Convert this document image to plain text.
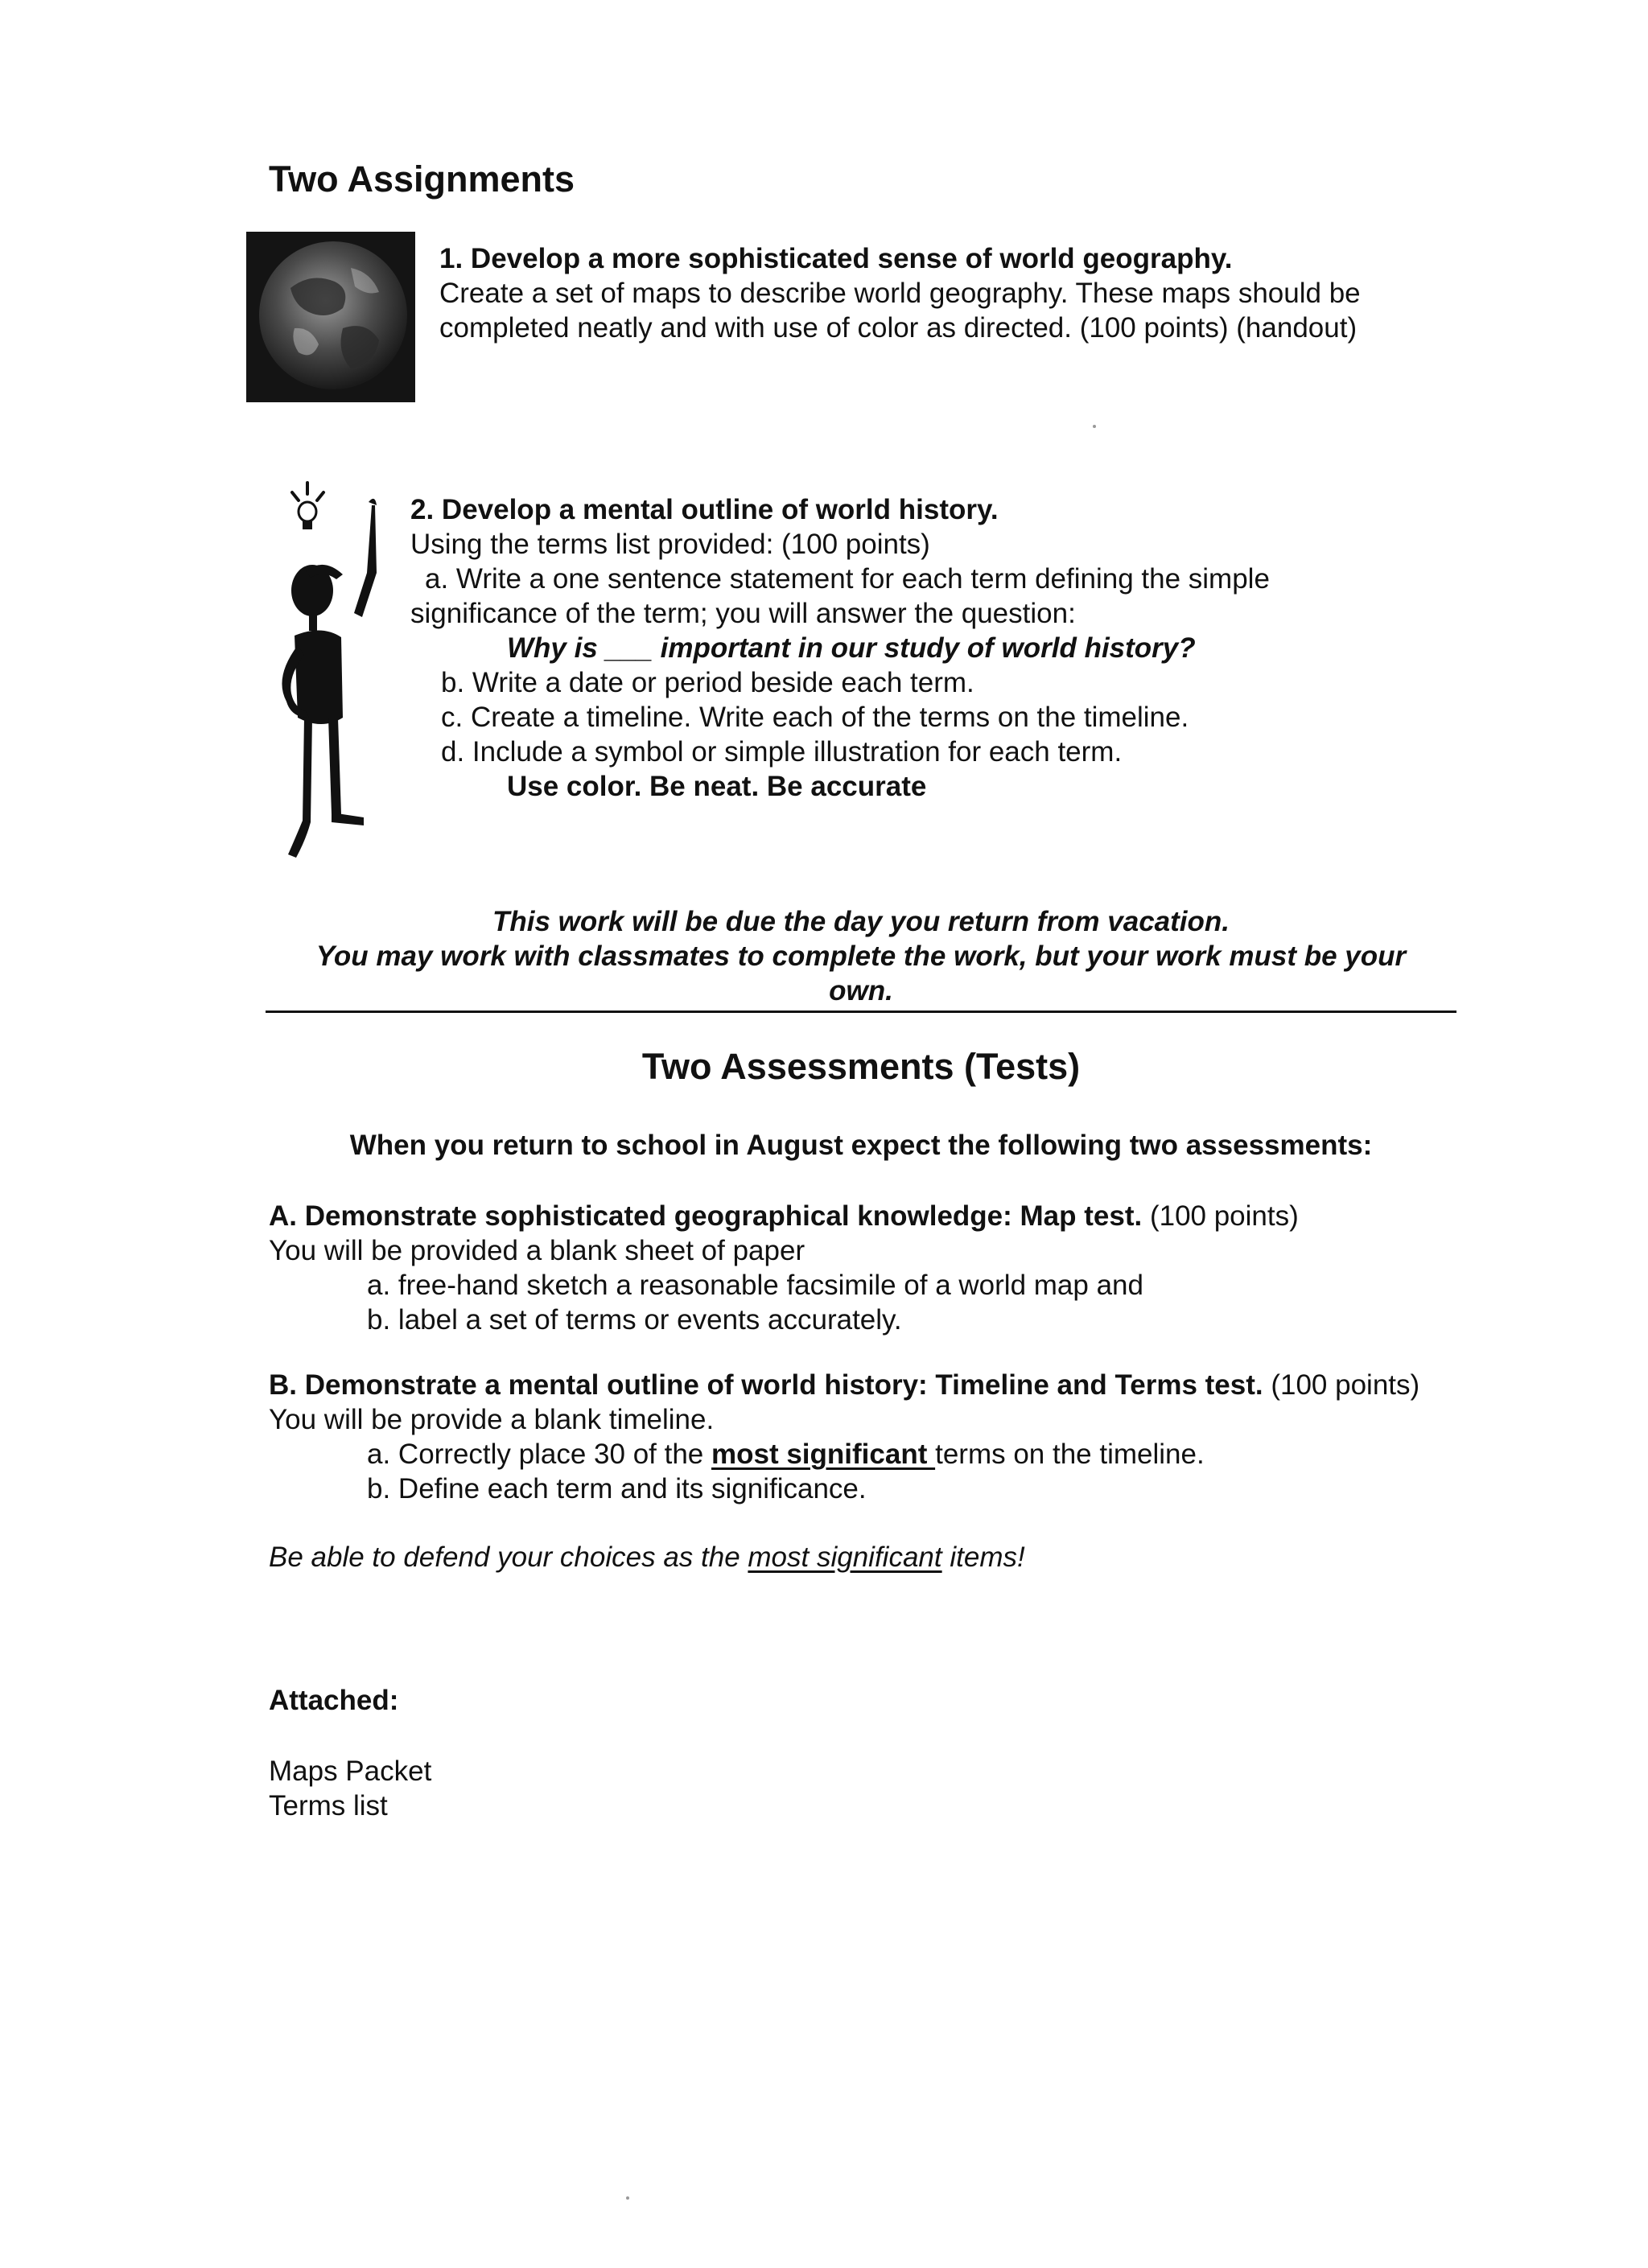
Two Assignments
1. Develop a more sophisticated sense of world geography.
Create a set of maps to describe world geography. These maps should be
completed neatly and with use of color as directed. (100 points) (handout)
2. Develop a mental outline of world history.
Using the terms list provided: (100 points)
a. Write a one sentence statement for each term defining the simple
significance of the term; you will answer the question:
Why is ___ important in our study of world history?
b. Write a date or period beside each term.
c. Create a timeline. Write each of the terms on the timeline.
d. Include a symbol or simple illustration for each term.
Use color. Be neat. Be accurate
This work will be due the day you return from vacation.
You may work with classmates to complete the work, but your work must be your
own.
Two Assessments (Tests)
When you return to school in August expect the following two assessments:
A. Demonstrate sophisticated geographical knowledge: Map test. (100 points)
You will be provided a blank sheet of paper
a. free-hand sketch a reasonable facsimile of a world map and
b. label a set of terms or events accurately.
B. Demonstrate a mental outline of world history: Timeline and Terms test. (100 points)
You will be provide a blank timeline.
a. Correctly place 30 of the most significant terms on the timeline.
b. Define each term and its significance.
Be able to defend your choices as the most significant items!
Attached:
Maps Packet
Terms list
